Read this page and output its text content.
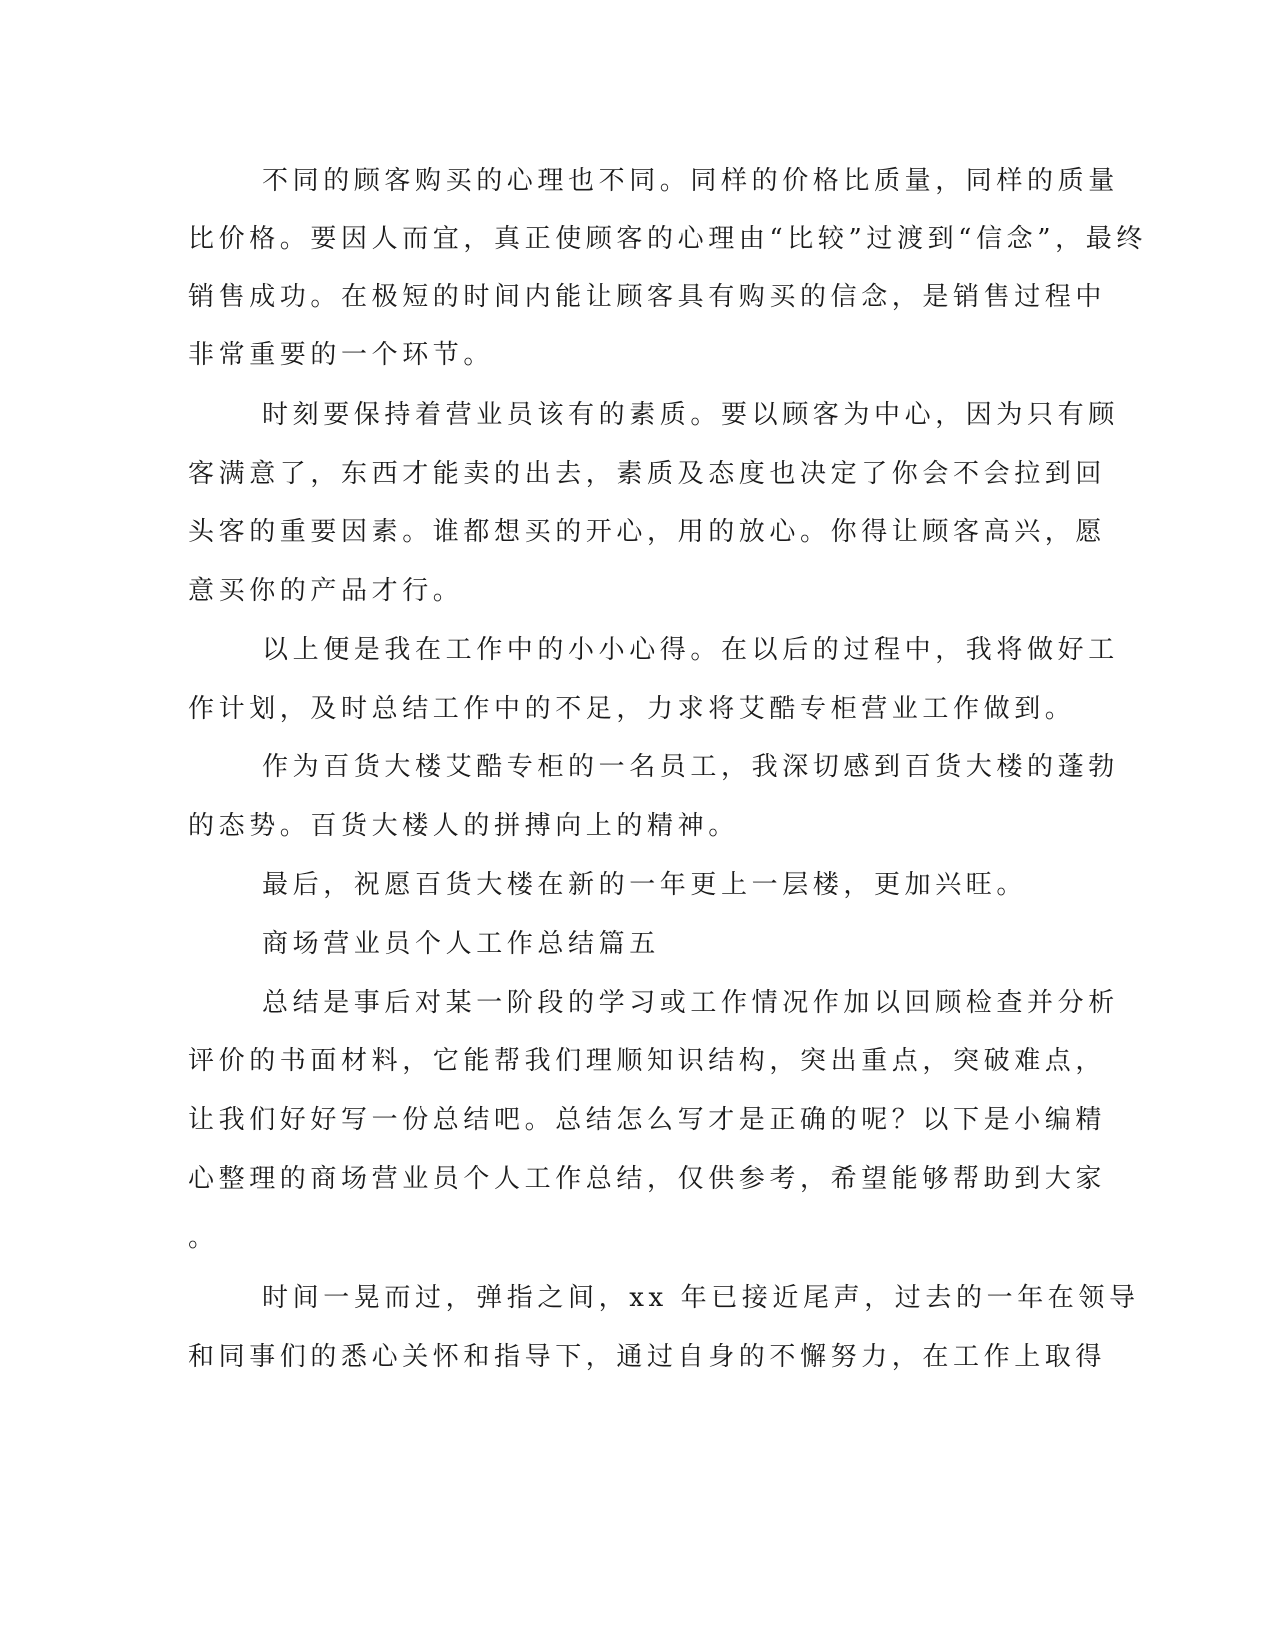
不同的顾客购买的心理也不同。同样的价格比质量，同样的质量
比价格。要因人而宜，真正使顾客的心理由“比较”过渡到“信念”，最终
销售成功。在极短的时间内能让顾客具有购买的信念，是销售过程中
非常重要的一个环节。
时刻要保持着营业员该有的素质。要以顾客为中心，因为只有顾
客满意了，东西才能卖的出去，素质及态度也决定了你会不会拉到回
头客的重要因素。谁都想买的开心，用的放心。你得让顾客高兴，愿
意买你的产品才行。
以上便是我在工作中的小小心得。在以后的过程中，我将做好工
作计划，及时总结工作中的不足，力求将艾酷专柜营业工作做到。
作为百货大楼艾酷专柜的一名员工，我深切感到百货大楼的蓬勃
的态势。百货大楼人的拼搏向上的精神。
最后，祝愿百货大楼在新的一年更上一层楼，更加兴旺。
商场营业员个人工作总结篇五
总结是事后对某一阶段的学习或工作情况作加以回顾检查并分析
评价的书面材料，它能帮我们理顺知识结构，突出重点，突破难点，
让我们好好写一份总结吧。总结怎么写才是正确的呢？以下是小编精
心整理的商场营业员个人工作总结，仅供参考，希望能够帮助到大家
。
时间一晃而过，弹指之间，xx 年已接近尾声，过去的一年在领导
和同事们的悉心关怀和指导下，通过自身的不懈努力，在工作上取得
